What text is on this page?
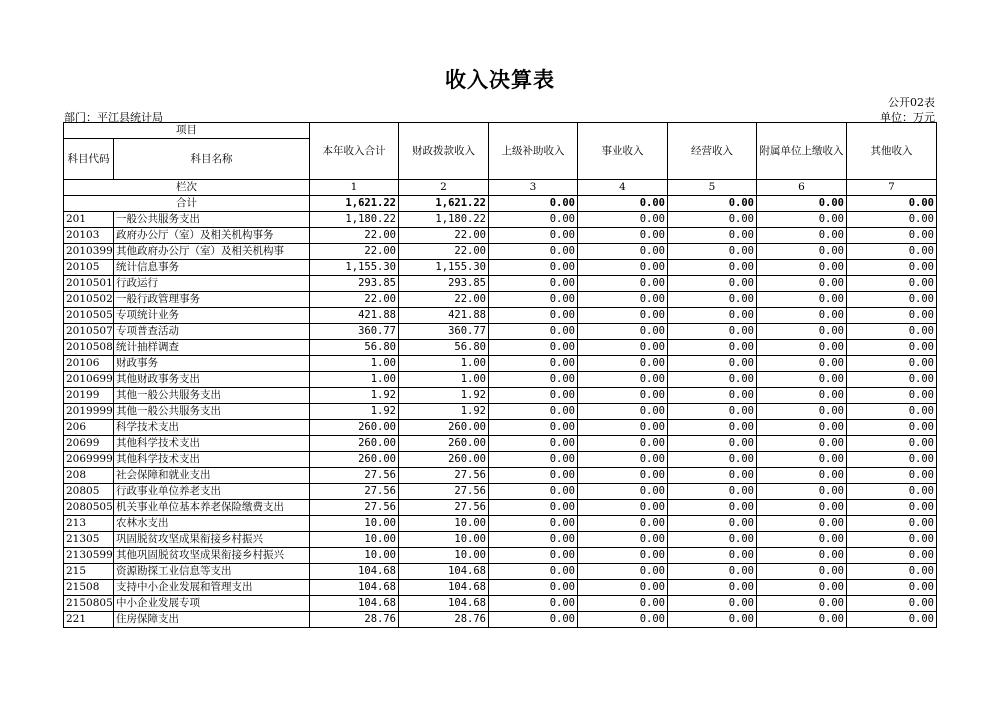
收入决算表
公开02表
部门：平江县统计局	单位：万元
项目		本年收入合计	财政拨款收入	上级补助收入	事业收入	经营收入	附属单位上缴收入	其他收入
科目代码	科目名称							
栏次		1	2	3	4	5	6	7
合计		1,621.22	1,621.22	0.00	0.00	0.00	0.00	0.00
201	一般公共服务支出	1,180.22	1,180.22	0.00	0.00	0.00	0.00	0.00
20103	政府办公厅（室）及相关机构事务	22.00	22.00	0.00	0.00	0.00	0.00	0.00
2010399	其他政府办公厅（室）及相关机构事	22.00	22.00	0.00	0.00	0.00	0.00	0.00
20105	统计信息事务	1,155.30	1,155.30	0.00	0.00	0.00	0.00	0.00
2010501	行政运行	293.85	293.85	0.00	0.00	0.00	0.00	0.00
2010502	一般行政管理事务	22.00	22.00	0.00	0.00	0.00	0.00	0.00
2010505	专项统计业务	421.88	421.88	0.00	0.00	0.00	0.00	0.00
2010507	专项普查活动	360.77	360.77	0.00	0.00	0.00	0.00	0.00
2010508	统计抽样调查	56.80	56.80	0.00	0.00	0.00	0.00	0.00
20106	财政事务	1.00	1.00	0.00	0.00	0.00	0.00	0.00
2010699	其他财政事务支出	1.00	1.00	0.00	0.00	0.00	0.00	0.00
20199	其他一般公共服务支出	1.92	1.92	0.00	0.00	0.00	0.00	0.00
2019999	其他一般公共服务支出	1.92	1.92	0.00	0.00	0.00	0.00	0.00
206	科学技术支出	260.00	260.00	0.00	0.00	0.00	0.00	0.00
20699	其他科学技术支出	260.00	260.00	0.00	0.00	0.00	0.00	0.00
2069999	其他科学技术支出	260.00	260.00	0.00	0.00	0.00	0.00	0.00
208	社会保障和就业支出	27.56	27.56	0.00	0.00	0.00	0.00	0.00
20805	行政事业单位养老支出	27.56	27.56	0.00	0.00	0.00	0.00	0.00
2080505	机关事业单位基本养老保险缴费支出	27.56	27.56	0.00	0.00	0.00	0.00	0.00
213	农林水支出	10.00	10.00	0.00	0.00	0.00	0.00	0.00
21305	巩固脱贫攻坚成果衔接乡村振兴	10.00	10.00	0.00	0.00	0.00	0.00	0.00
2130599	其他巩固脱贫攻坚成果衔接乡村振兴	10.00	10.00	0.00	0.00	0.00	0.00	0.00
215	资源勘探工业信息等支出	104.68	104.68	0.00	0.00	0.00	0.00	0.00
21508	支持中小企业发展和管理支出	104.68	104.68	0.00	0.00	0.00	0.00	0.00
2150805	中小企业发展专项	104.68	104.68	0.00	0.00	0.00	0.00	0.00
221	住房保障支出	28.76	28.76	0.00	0.00	0.00	0.00	0.00
